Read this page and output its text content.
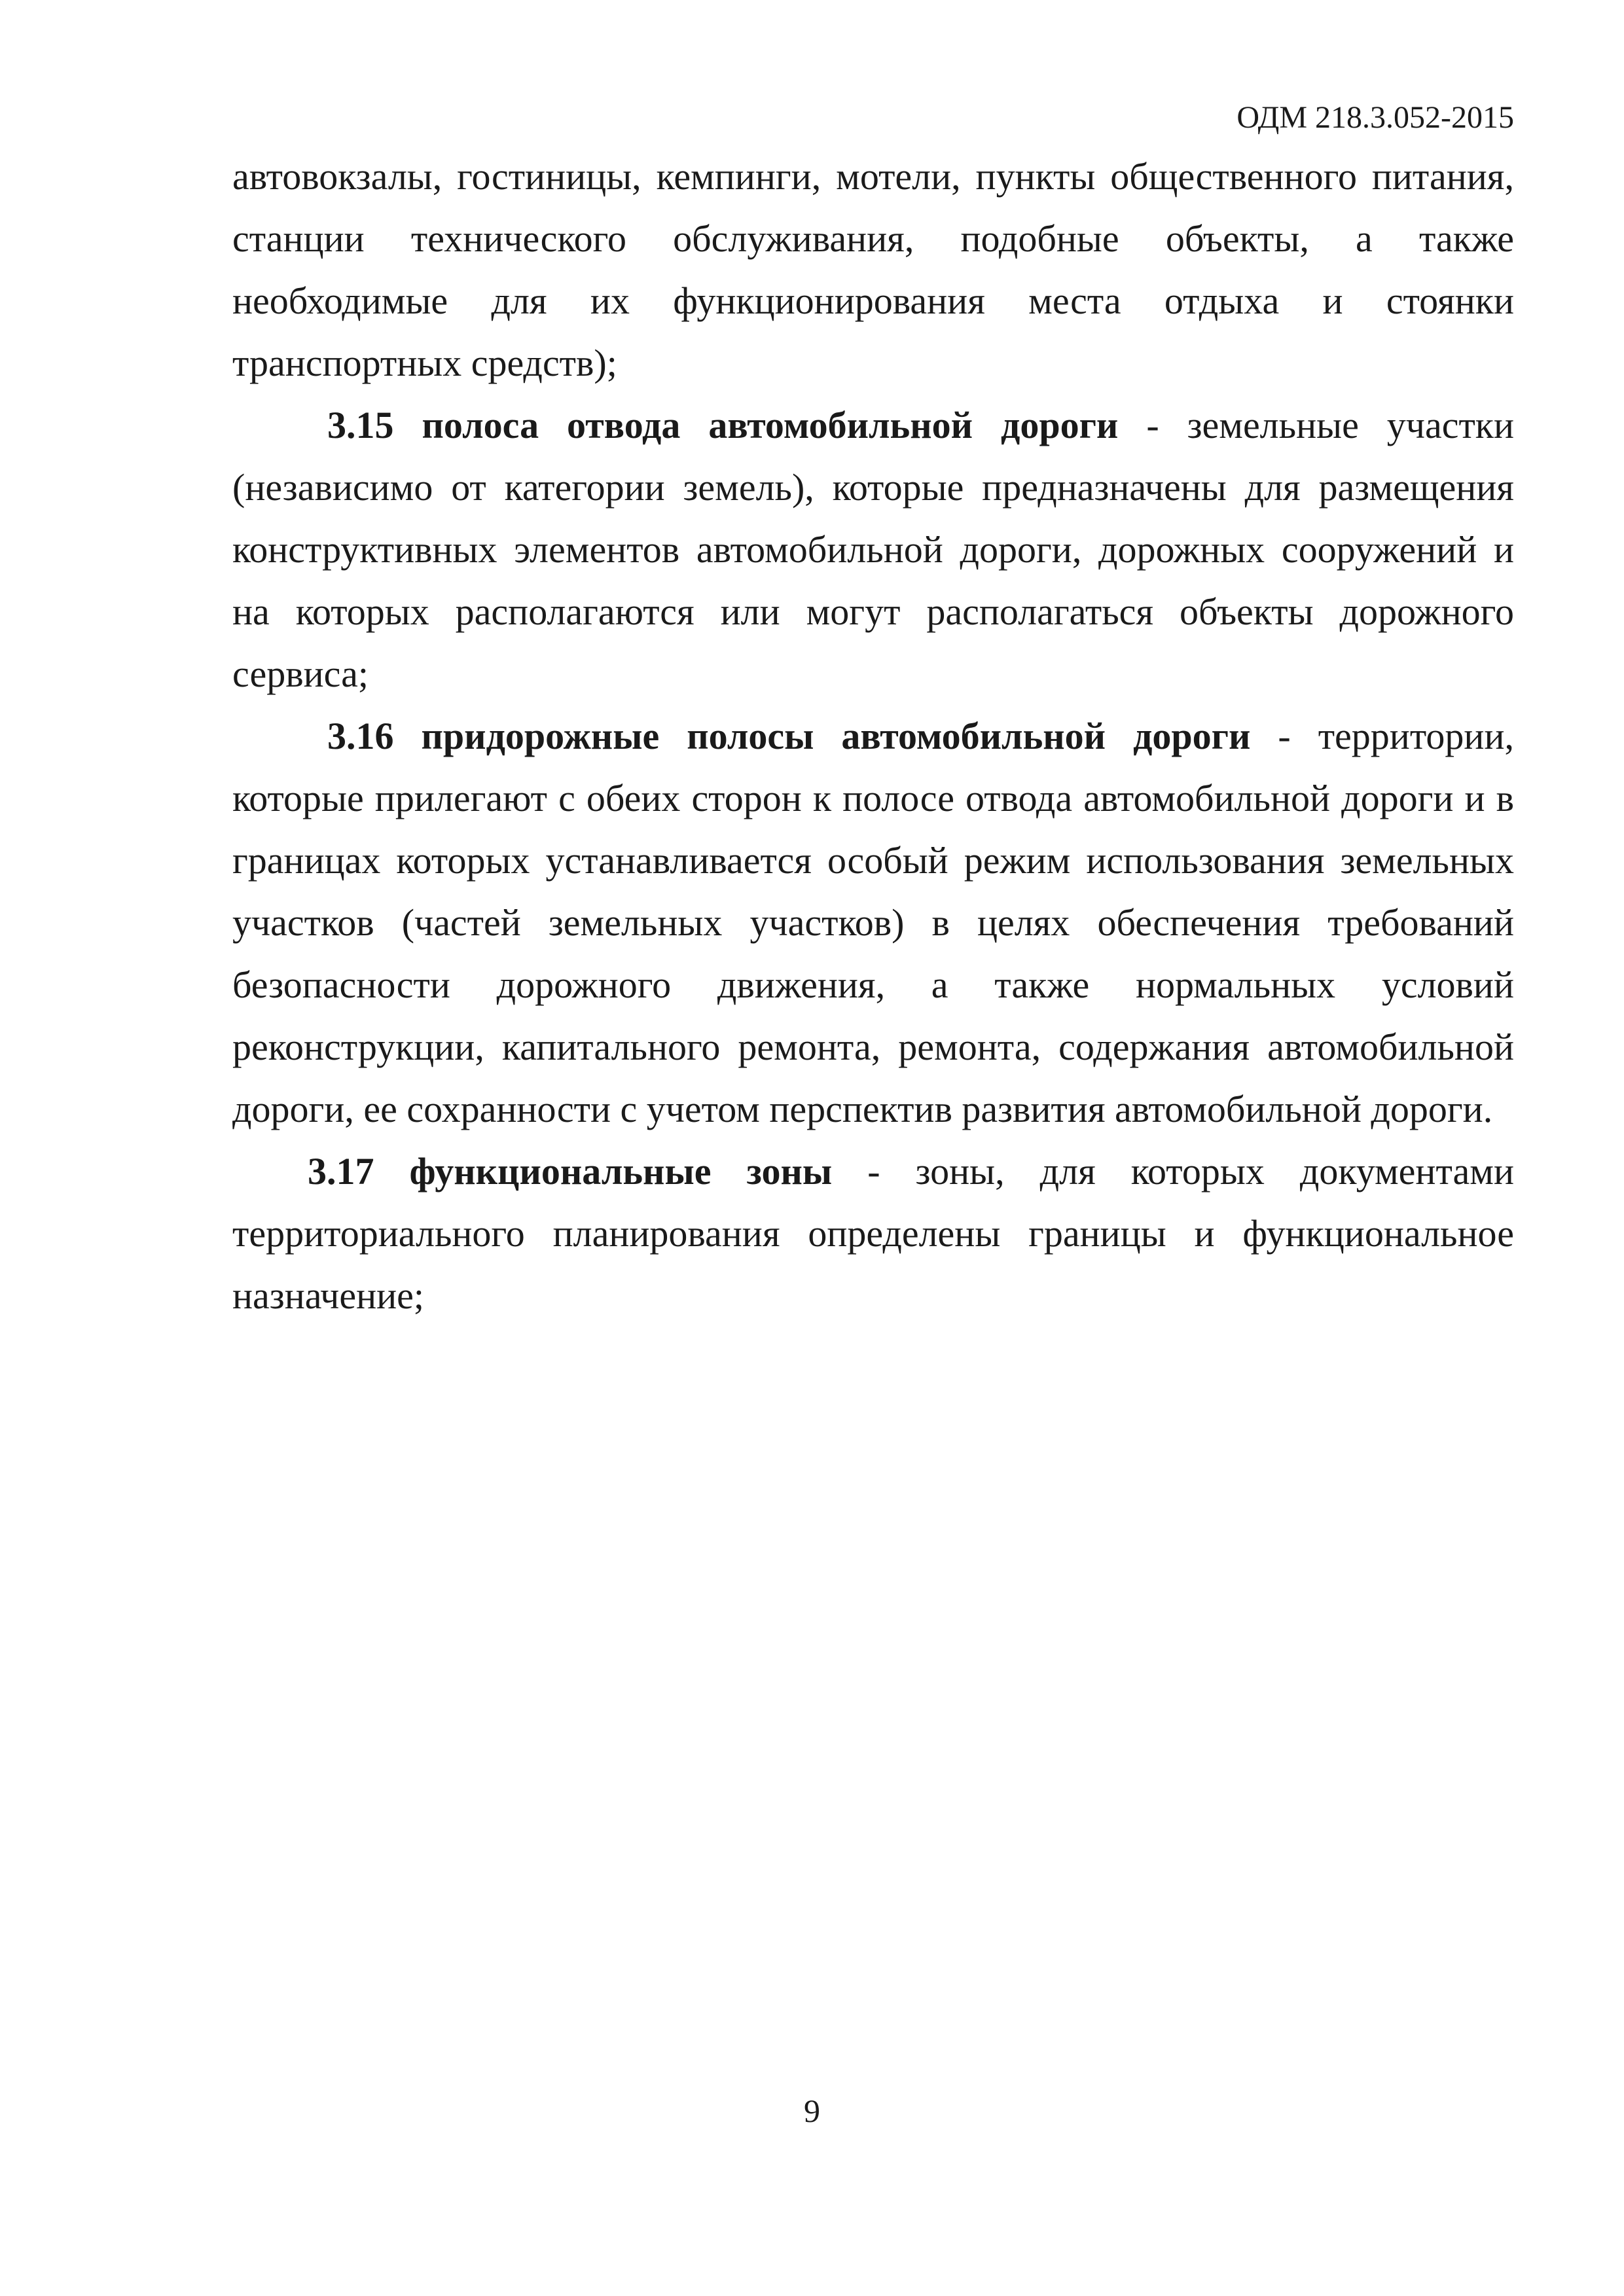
ОДМ 218.3.052-2015

автовокзалы, гостиницы, кемпинги, мотели, пункты общественного питания, станции технического обслуживания, подобные объекты, а также необходимые для их функционирования места отдыха и стоянки транспортных средств);

3.15 полоса отвода автомобильной дороги - земельные участки (независимо от категории земель), которые предназначены для размещения конструктивных элементов автомобильной дороги, дорожных сооружений и на которых располагаются или могут располагаться объекты дорожного сервиса;

3.16 придорожные полосы автомобильной дороги - территории, которые прилегают с обеих сторон к полосе отвода автомобильной дороги и в границах которых устанавливается особый режим использования земельных участков (частей земельных участков) в целях обеспечения требований безопасности дорожного движения, а также нормальных условий реконструкции, капитального ремонта, ремонта, содержания автомобильной дороги, ее сохранности с учетом перспектив развития автомобильной дороги.

3.17 функциональные зоны - зоны, для которых документами территориального планирования определены границы и функциональное назначение;

9
